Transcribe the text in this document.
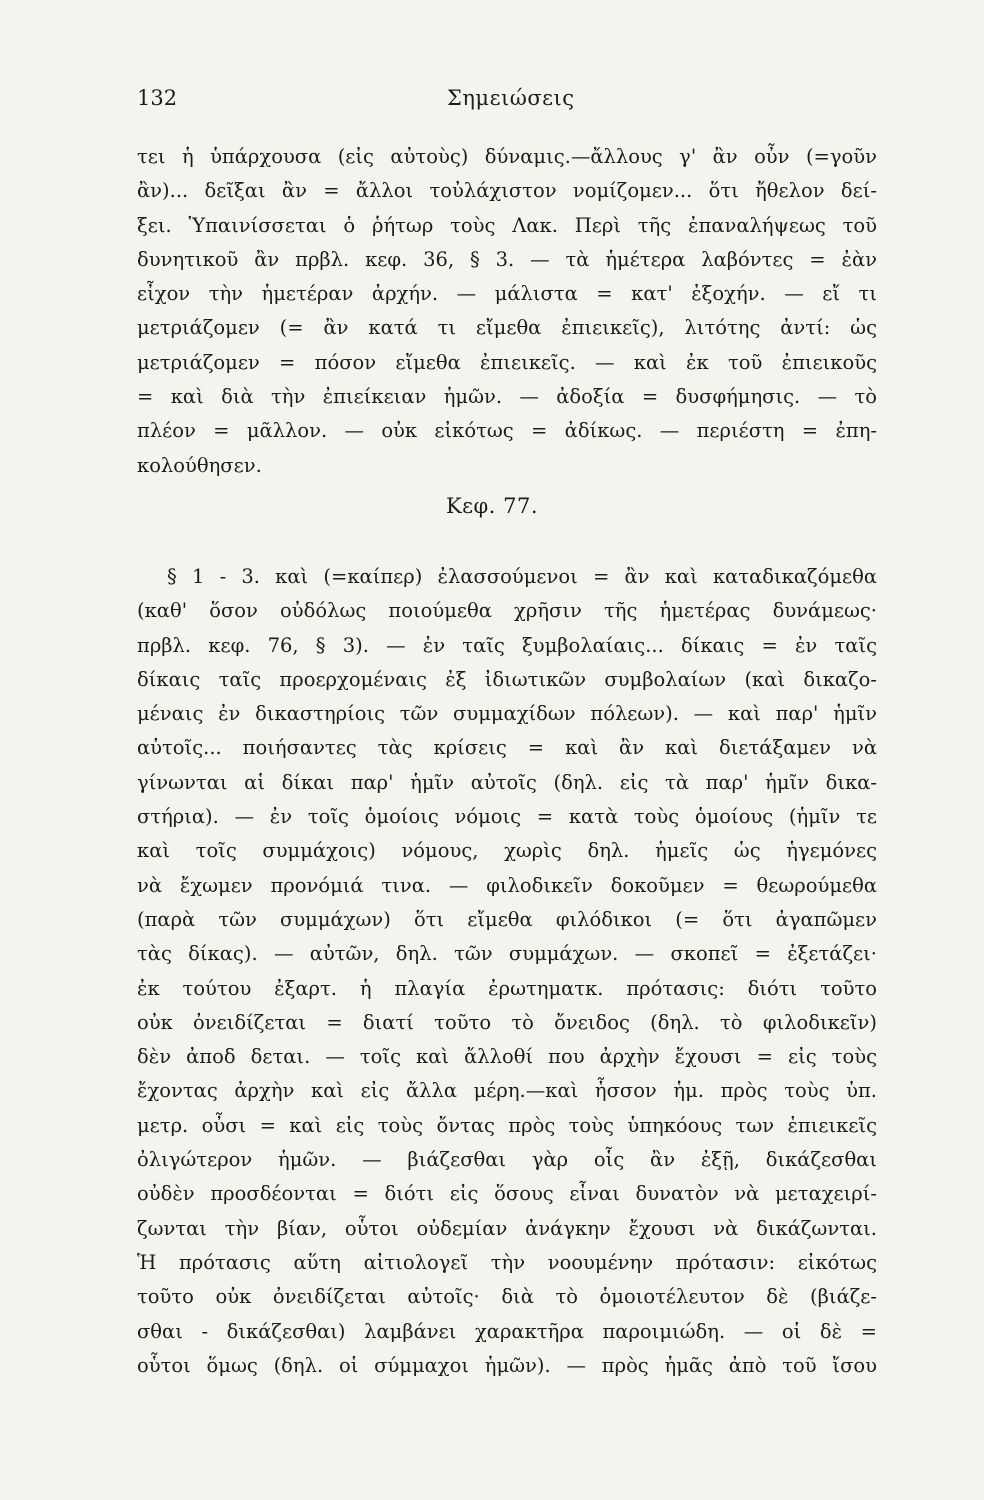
132	Σημειώσεις
τει ἡ ὑπάρχουσα (εἰς αὐτοὺς) δύναμις.—ἄλλους γ' ἂν οὖν (=γοῦν
ἂν)... δεῖξαι ἂν = ἄλλοι τοὐλάχιστον νομίζομεν... ὅτι ἤθελον δεί-
ξει. Ὑπαινίσσεται ὁ ῥήτωρ τοὺς Λακ. Περὶ τῆς ἐπαναλήψεως τοῦ
δυνητικοῦ ἂν πρβλ. κεφ. 36, § 3. — τὰ ἡμέτερα λαβόντες = ἐὰν
εἶχον τὴν ἡμετέραν ἀρχήν. — μάλιστα = κατ' ἐξοχήν. — εἴ τι
μετριάζομεν (= ἂν κατά τι εἴμεθα ἐπιεικεῖς), λιτότης ἀντί: ὡς
μετριάζομεν = πόσον εἴμεθα ἐπιεικεῖς. — καὶ ἐκ τοῦ ἐπιεικοῦς
= καὶ διὰ τὴν ἐπιείκειαν ἡμῶν. — ἀδοξία = δυσφήμησις. — τὸ
πλέον = μᾶλλον. — οὐκ εἰκότως = ἀδίκως. — περιέστη = ἐπη-
κολούθησεν.
Κεφ. 77.
§ 1 - 3. καὶ (=καίπερ) ἐλασσούμενοι = ἂν καὶ καταδικαζόμεθα
(καθ' ὅσον οὐδόλως ποιούμεθα χρῆσιν τῆς ἡμετέρας δυνάμεως·
πρβλ. κεφ. 76, § 3). — ἐν ταῖς ξυμβολαίαις... δίκαις = ἐν ταῖς
δίκαις ταῖς προερχομέναις ἐξ ἰδιωτικῶν συμβολαίων (καὶ δικαζο-
μέναις ἐν δικαστηρίοις τῶν συμμαχίδων πόλεων). — καὶ παρ' ἡμῖν
αὐτοῖς... ποιήσαντες τὰς κρίσεις = καὶ ἂν καὶ διετάξαμεν νὰ
γίνωνται αἱ δίκαι παρ' ἡμῖν αὐτοῖς (δηλ. εἰς τὰ παρ' ἡμῖν δικα-
στήρια). — ἐν τοῖς ὁμοίοις νόμοις = κατὰ τοὺς ὁμοίους (ἡμῖν τε
καὶ τοῖς συμμάχοις) νόμους, χωρὶς δηλ. ἡμεῖς ὡς ἡγεμόνες
νὰ ἔχωμεν προνόμιά τινα. — φιλοδικεῖν δοκοῦμεν = θεωρούμεθα
(παρὰ τῶν συμμάχων) ὅτι εἴμεθα φιλόδικοι (= ὅτι ἀγαπῶμεν
τὰς δίκας). — αὐτῶν, δηλ. τῶν συμμάχων. — σκοπεῖ = ἐξετάζει·
ἐκ τούτου ἐξαρτ. ἡ πλαγία ἐρωτηματκ. πρότασις: διότι τοῦτο
οὐκ ὀνειδίζεται = διατί τοῦτο τὸ ὄνειδος (δηλ. τὸ φιλοδικεῖν)
δὲν ἀποδ δεται. — τοῖς καὶ ἄλλοθί που ἀρχὴν ἔχουσι = εἰς τοὺς
ἔχοντας ἀρχὴν καὶ εἰς ἄλλα μέρη.—καὶ ἧσσον ἡμ. πρὸς τοὺς ὑπ.
μετρ. οὖσι = καὶ εἰς τοὺς ὄντας πρὸς τοὺς ὑπηκόους των ἐπιεικεῖς
ὀλιγώτερον ἡμῶν. — βιάζεσθαι γὰρ οἷς ἂν ἐξῇ, δικάζεσθαι
οὐδὲν προσδέονται = διότι εἰς ὅσους εἶναι δυνατὸν νὰ μεταχειρί-
ζωνται τὴν βίαν, οὗτοι οὐδεμίαν ἀνάγκην ἔχουσι νὰ δικάζωνται.
Ἡ πρότασις αὕτη αἰτιολογεῖ τὴν νοουμένην πρότασιν: εἰκότως
τοῦτο οὐκ ὀνειδίζεται αὐτοῖς· διὰ τὸ ὁμοιοτέλευτον δὲ (βιάζε-
σθαι - δικάζεσθαι) λαμβάνει χαρακτῆρα παροιμιώδη. — οἱ δὲ =
οὗτοι ὅμως (δηλ. οἱ σύμμαχοι ἡμῶν). — πρὸς ἡμᾶς ἀπὸ τοῦ ἴσου
